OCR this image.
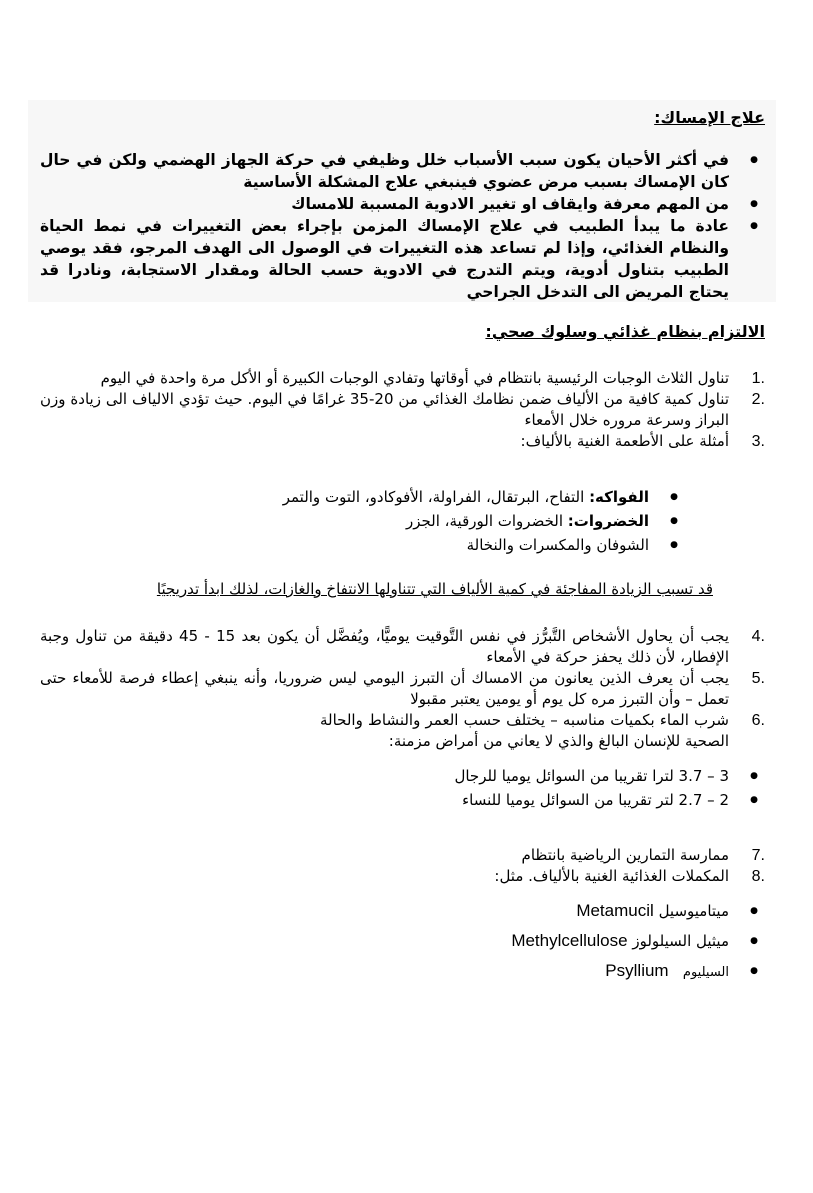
علاج الإمساك:
● في أكثر الأحيان يكون سبب الأسباب خلل وظيفي في حركة الجهاز الهضمي ولكن في حال كان الإمساك بسبب مرض عضوي فينبغي علاج المشكلة الأساسية
● من المهم معرفة وايقاف او تغيير الادوية المسببة للامساك
● عادة ما يبدأ الطبيب في علاج الإمساك المزمن بإجراء بعض التغييرات في نمط الحياة والنظام الغذائي، وإذا لم تساعد هذه التغييرات في الوصول الى الهدف المرجو، فقد يوصي الطبيب بتناول أدوية، ويتم التدرج في الادوية حسب الحالة ومقدار الاستجابة، ونادرا قد يحتاج المريض الى التدخل الجراحي
الالتزام بنظام غذائي وسلوك صحي:
1.
تناول الثلاث الوجبات الرئيسية بانتظام في أوقاتها وتفادي الوجبات الكبيرة أو الأكل مرة واحدة في اليوم
2.
تناول كمية كافية من الألياف ضمن نظامك الغذائي من 20-35 غرامًا في اليوم. حيث تؤدي الالياف الى زيادة وزن البراز وسرعة مروره خلال الأمعاء
3.
أمثلة على الأطعمة الغنية بالألياف:
● الفواكه: التفاح، البرتقال، الفراولة، الأفوكادو، التوت والتمر
● الخضروات: الخضروات الورقية، الجزر
● الشوفان والمكسرات والنخالة
قد تسبب الزيادة المفاجئة في كمية الألياف التي تتناولها الانتفاخ والغازات، لذلك ابدأ تدريجيًا
4.
يجب أن يحاول الأشخاص التَّبرُّز في نفس التَّوقيت يوميًّا، ويُفضَّل أن يكون بعد 15 - 45 دقيقة من تناول وجبة الإفطار، لأن ذلك يحفز حركة في الأمعاء
5.
يجب أن يعرف الذين يعانون من الامساك أن التبرز اليومي ليس ضروريا، وأنه ينبغي إعطاء فرصة للأمعاء حتى تعمل – وأن التبرز مره كل يوم أو يومين يعتبر مقبولا
6.
شرب الماء بكميات مناسبه – يختلف حسب العمر والنشاط والحالة الصحية للإنسان البالغ والذي لا يعاني من أمراض مزمنة:
● 3 – 3.7 لترا تقريبا من السوائل يوميا للرجال
● 2 – 2.7 لتر تقريبا من السوائل يوميا للنساء
7.
ممارسة التمارين الرياضية بانتظام
8.
المكملات الغذائية الغنية بالألياف. مثل:
● ميتاميوسيل Metamucil
● ميثيل السيلولوز Methylcellulose
● السيليوم   Psyllium
